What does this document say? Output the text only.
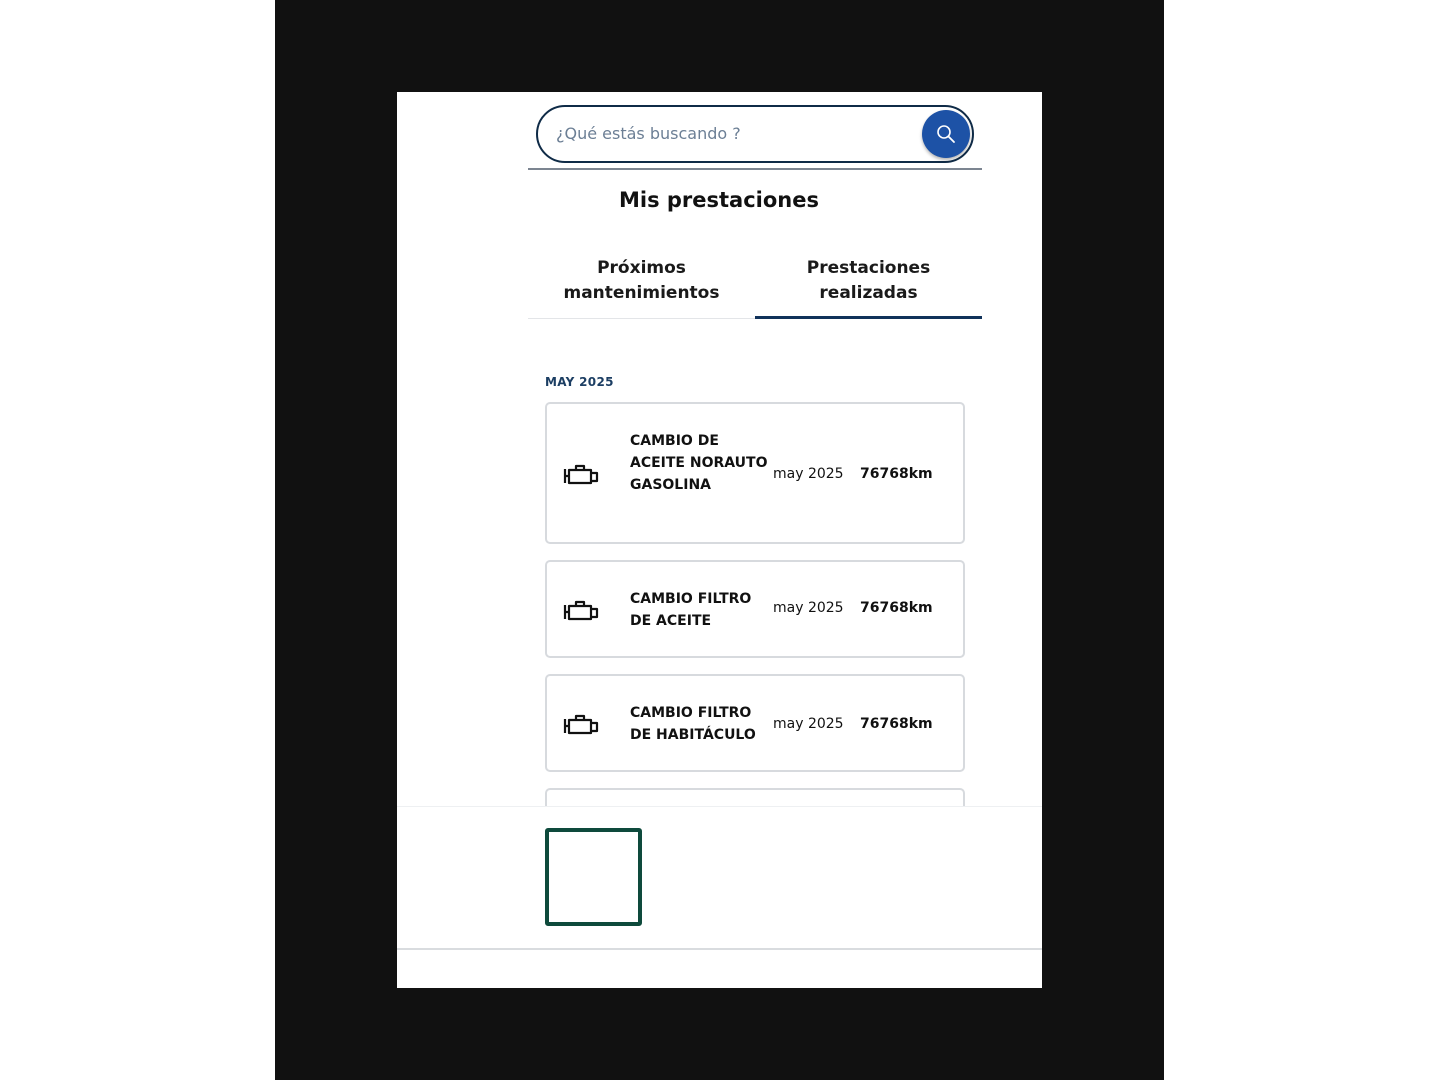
¿Qué estás buscando ?
Mis prestaciones
Próximos
mantenimientos
Prestaciones
realizadas
MAY 2025
CAMBIO DE ACEITE NORAUTO GASOLINA
may 2025 76768km
CAMBIO FILTRO DE ACEITE
may 2025 76768km
CAMBIO FILTRO DE HABITÁCULO
may 2025 76768km
